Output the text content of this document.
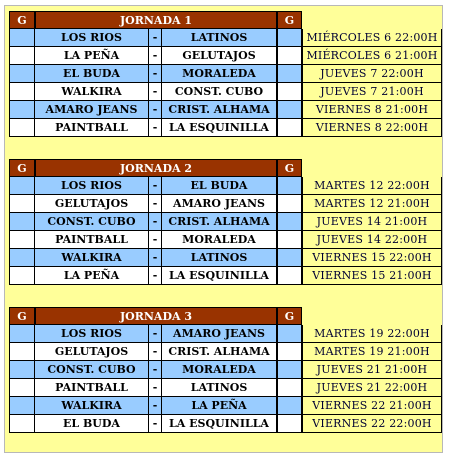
G	JORNADA 1	G
LOS RIOS	-	LATINOS	MIÉRCOLES 6 22:00H
LA PEÑA	-	GELUTAJOS	MIÉRCOLES 6 21:00H
EL BUDA	-	MORALEDA	JUEVES 7 22:00H
WALKIRA	-	CONST. CUBO	JUEVES 7 21:00H
AMARO JEANS	-	CRIST. ALHAMA	VIERNES 8 21:00H
PAINTBALL	-	LA ESQUINILLA	VIERNES 8 22:00H
G	JORNADA 2	G
LOS RIOS	-	EL BUDA	MARTES 12 22:00H
GELUTAJOS	-	AMARO JEANS	MARTES 12 21:00H
CONST. CUBO	-	CRIST. ALHAMA	JUEVES 14 21:00H
PAINTBALL	-	MORALEDA	JUEVES 14 22:00H
WALKIRA	-	LATINOS	VIERNES 15 22:00H
LA PEÑA	-	LA ESQUINILLA	VIERNES 15 21:00H
G	JORNADA 3	G
LOS RIOS	-	AMARO JEANS	MARTES 19 22:00H
GELUTAJOS	-	CRIST. ALHAMA	MARTES 19 21:00H
CONST. CUBO	-	MORALEDA	JUEVES 21 21:00H
PAINTBALL	-	LATINOS	JUEVES 21 22:00H
WALKIRA	-	LA PEÑA	VIERNES 22 21:00H
EL BUDA	-	LA ESQUINILLA	VIERNES 22 22:00H
